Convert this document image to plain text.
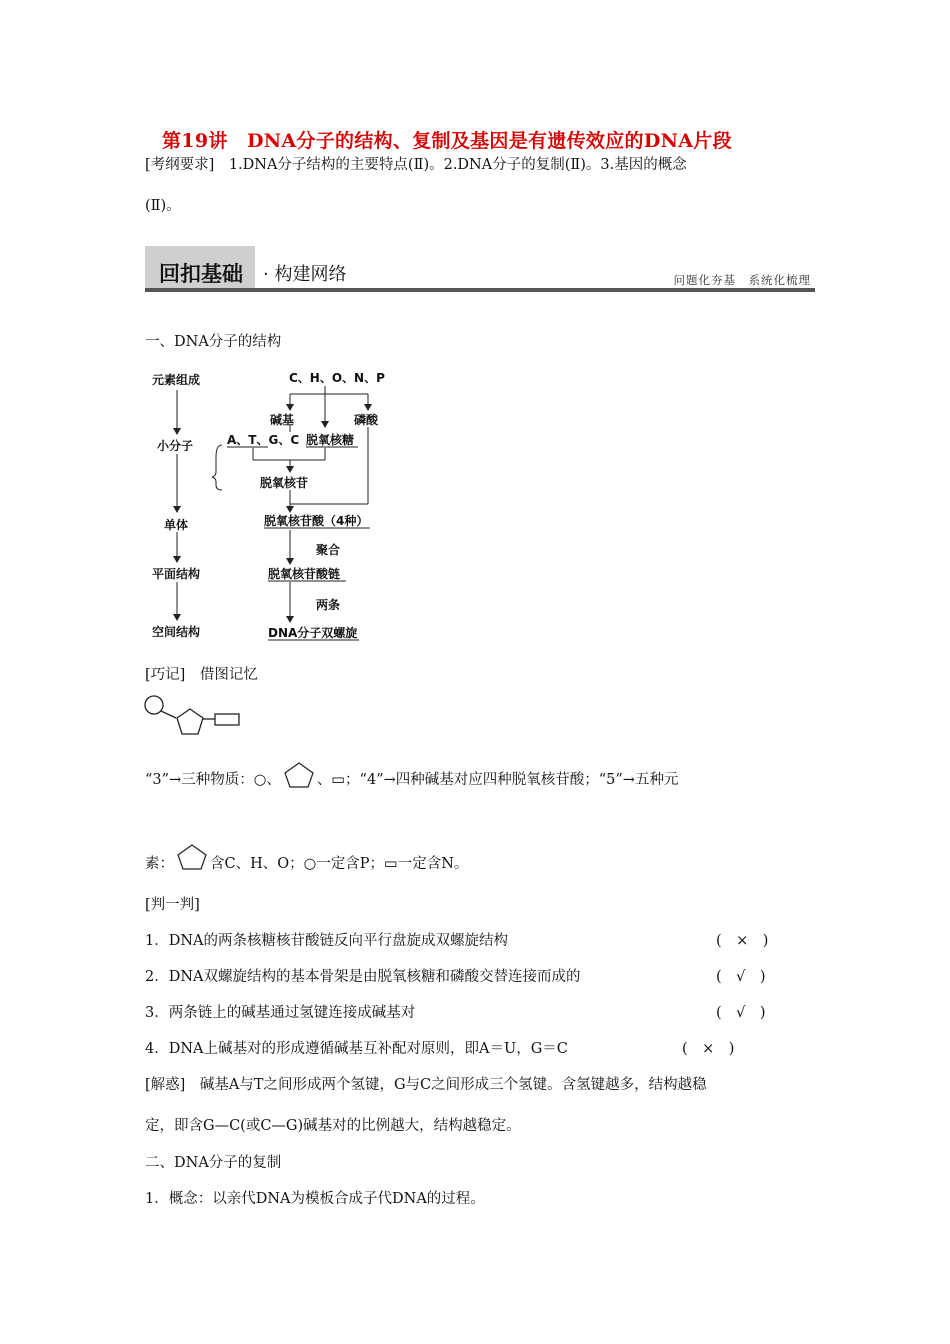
第19讲　DNA分子的结构、复制及基因是有遗传效应的DNA片段
[考纲要求]　1.DNA分子结构的主要特点(Ⅱ)。2.DNA分子的复制(Ⅱ)。3.基因的概念
(Ⅱ)。
回扣基础 · 构建网络	问题化夯基　系统化梳理
一、DNA分子的结构
元素组成
小分子
单体
平面结构
空间结构
C、H、O、N、P
碱基	磷酸
A、T、G、C 脱氧核糖
脱氧核苷
脱氧核苷酸（4种）
聚合
脱氧核苷酸链
两条
DNA分子双螺旋
[巧记]　借图记忆
“3”→三种物质：○、 、▭；“4”→四种碱基对应四种脱氧核苷酸；“5”→五种元
素： 含C、H、O；○一定含P；▭一定含N。
[判一判]
1．DNA的两条核糖核苷酸链反向平行盘旋成双螺旋结构	(　×　)
2．DNA双螺旋结构的基本骨架是由脱氧核糖和磷酸交替连接而成的	(　√　)
3．两条链上的碱基通过氢键连接成碱基对	(　√　)
4．DNA上碱基对的形成遵循碱基互补配对原则，即A＝U，G＝C	(　×　)
[解惑]　碱基A与T之间形成两个氢键，G与C之间形成三个氢键。含氢键越多，结构越稳
定，即含G—C(或C—G)碱基对的比例越大，结构越稳定。
二、DNA分子的复制
1．概念：以亲代DNA为模板合成子代DNA的过程。
